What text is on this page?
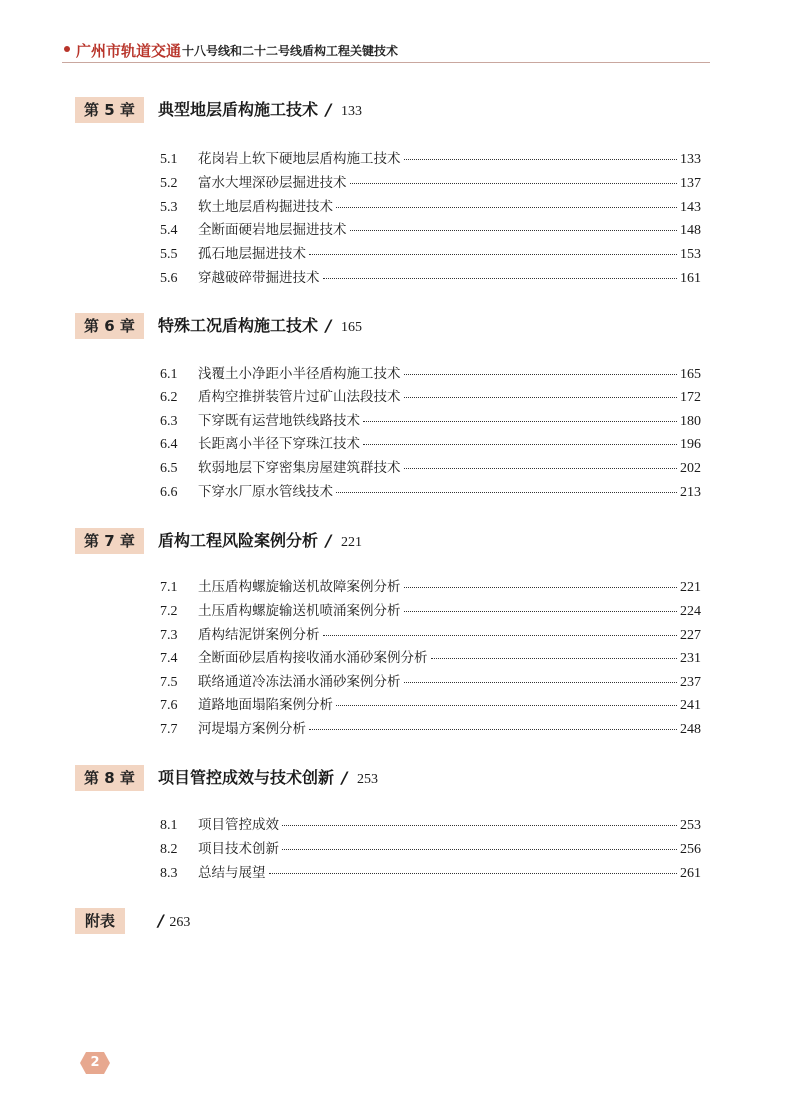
广州市轨道交通 十八号线和二十二号线盾构工程关键技术
第 5 章	典型地层盾构施工技术 / 133
5.1	花岗岩上软下硬地层盾构施工技术	133
5.2	富水大埋深砂层掘进技术	137
5.3	软土地层盾构掘进技术	143
5.4	全断面硬岩地层掘进技术	148
5.5	孤石地层掘进技术	153
5.6	穿越破碎带掘进技术	161
第 6 章	特殊工况盾构施工技术 / 165
6.1	浅覆土小净距小半径盾构施工技术	165
6.2	盾构空推拼装管片过矿山法段技术	172
6.3	下穿既有运营地铁线路技术	180
6.4	长距离小半径下穿珠江技术	196
6.5	软弱地层下穿密集房屋建筑群技术	202
6.6	下穿水厂原水管线技术	213
第 7 章	盾构工程风险案例分析 / 221
7.1	土压盾构螺旋输送机故障案例分析	221
7.2	土压盾构螺旋输送机喷涌案例分析	224
7.3	盾构结泥饼案例分析	227
7.4	全断面砂层盾构接收涌水涌砂案例分析	231
7.5	联络通道冷冻法涌水涌砂案例分析	237
7.6	道路地面塌陷案例分析	241
7.7	河堤塌方案例分析	248
第 8 章	项目管控成效与技术创新 / 253
8.1	项目管控成效	253
8.2	项目技术创新	256
8.3	总结与展望	261
附表	/ 263
2
